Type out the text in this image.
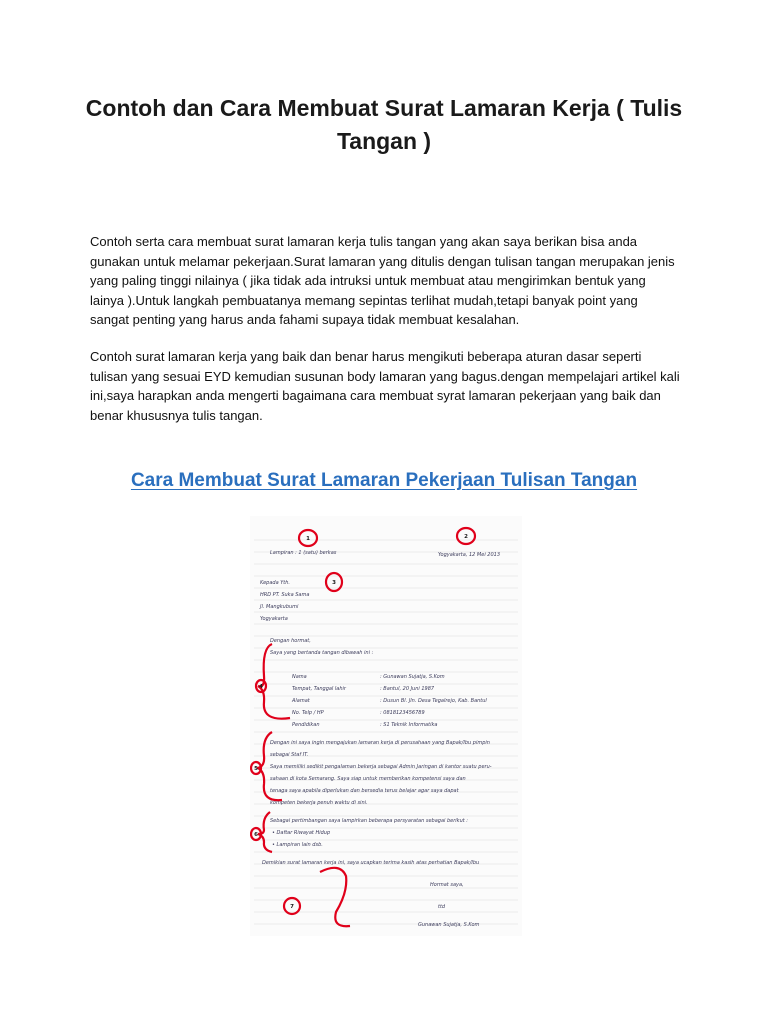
Contoh dan Cara Membuat Surat Lamaran Kerja ( Tulis Tangan )
Contoh serta cara membuat surat lamaran kerja tulis tangan yang akan saya berikan bisa anda gunakan untuk melamar pekerjaan.Surat lamaran yang ditulis dengan tulisan tangan merupakan jenis yang paling tinggi nilainya ( jika tidak ada intruksi untuk membuat atau mengirimkan bentuk yang lainya ).Untuk langkah pembuatanya memang sepintas terlihat mudah,tetapi banyak point yang sangat penting yang harus anda fahami supaya tidak membuat kesalahan.
Contoh surat lamaran kerja yang baik dan benar harus mengikuti beberapa aturan dasar seperti tulisan yang sesuai EYD kemudian susunan body lamaran yang bagus.dengan mempelajari artikel kali ini,saya harapkan anda mengerti bagaimana cara membuat syrat lamaran pekerjaan yang baik dan benar khususnya tulis tangan.
Cara Membuat Surat Lamaran Pekerjaan Tulisan Tangan
Lampiran : 1 (satu) berkas	Yogyakarta, 12 Mei 2013
Kepada Yth.
HRD PT. Suka Sama
Jl. Mangkubumi
Yogyakarta
Dengan hormat,
Saya yang bertanda tangan dibawah ini :
Nama	: Gunawan Sujatja, S.Kom
Tempat, Tanggal lahir	: Bantul, 20 Juni 1987
Alamat	: Dusun Bl. Jln. Desa Tegalrejo, Kab. Bantul
No. Telp / HP	: 0818123456789
Pendidikan	: S1 Teknik Informatika
Dengan ini saya ingin mengajukan lamaran kerja di perusahaan yang Bapak/Ibu pimpin
sebagai Staf IT.
Saya memiliki sedikit pengalaman bekerja sebagai Admin Jaringan di kantor suatu peru-
sahaan di kota Semarang. Saya siap untuk memberikan kompetensi saya dan
tenaga saya apabila diperlukan dan bersedia terus belajar agar saya dapat
kompeten bekerja penuh waktu di sini.
Sebagai pertimbangan saya lampirkan beberapa persyaratan sebagai berikut :
• Daftar Riwayat Hidup
• Lampiran lain dsb.
Demikian surat lamaran kerja ini, saya ucapkan terima kasih atas perhatian Bapak/Ibu
Hormat saya,
ttd
Gunawan Sujatja, S.Kom
1	2
3
4
5
6
7
